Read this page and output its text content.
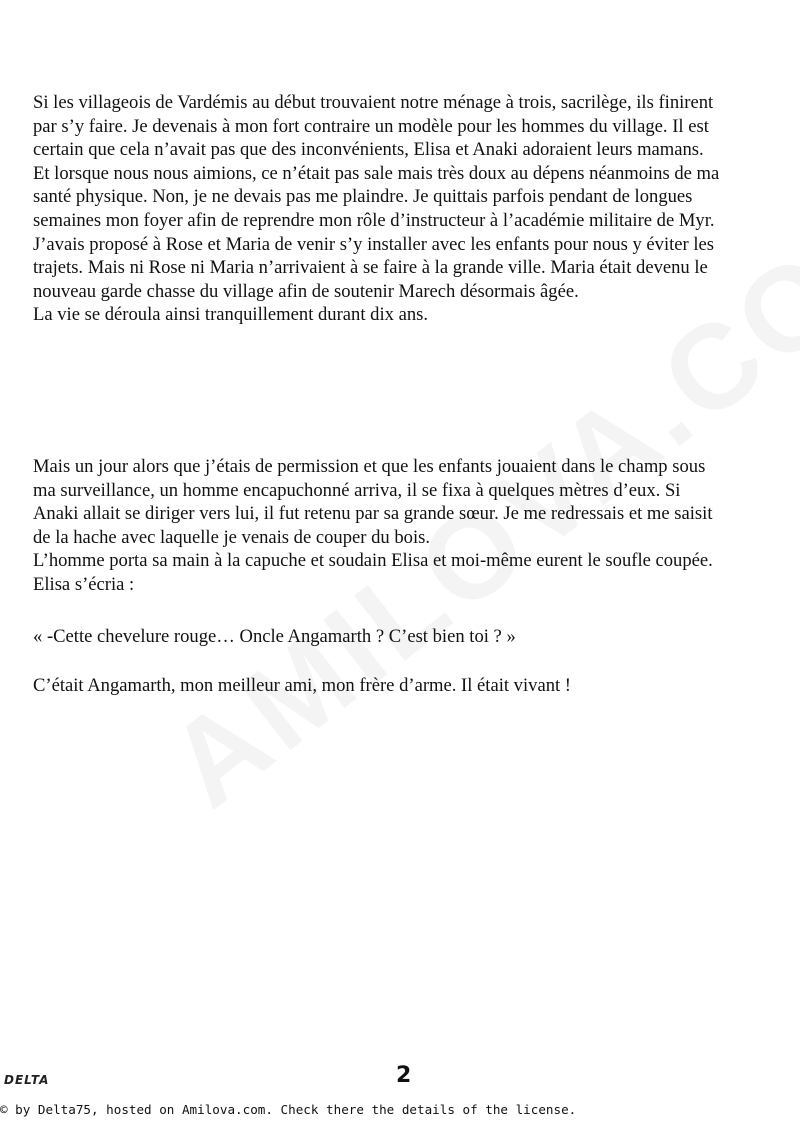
Si les villageois de Vardémis au début trouvaient notre ménage à trois, sacrilège, ils finirent

par s’y faire. Je devenais à mon fort contraire un modèle pour les hommes du village. Il est

certain que cela n’avait pas que des inconvénients, Elisa et Anaki adoraient leurs mamans.

Et lorsque nous nous aimions, ce n’était pas sale mais très doux au dépens néanmoins de ma

santé physique. Non, je ne devais pas me plaindre. Je quittais parfois pendant de longues

semaines mon foyer afin de reprendre mon rôle d’instructeur à l’académie militaire de Myr.

J’avais proposé à Rose et Maria de venir s’y installer avec les enfants pour nous y éviter les

trajets. Mais ni Rose ni Maria n’arrivaient à se faire à la grande ville. Maria était devenu le

nouveau garde chasse du village afin de soutenir Marech désormais âgée.

La vie se déroula ainsi tranquillement durant dix ans.

Mais un jour alors que j’étais de permission et que les enfants jouaient dans le champ sous

ma surveillance, un homme encapuchonné arriva, il se fixa à quelques mètres d’eux. Si

Anaki allait se diriger vers lui, il fut retenu par sa grande sœur. Je me redressais et me saisit

de la hache avec laquelle je venais de couper du bois.

L’homme porta sa main à la capuche et soudain Elisa et moi-même eurent le soufle coupée.

Elisa s’écria :

« -Cette chevelure rouge… Oncle Angamarth ? C’est bien toi ? »

C’était Angamarth, mon meilleur ami, mon frère d’arme. Il était vivant !

DELTA	2
© by Delta75, hosted on Amilova.com. Check there the details of the license.
